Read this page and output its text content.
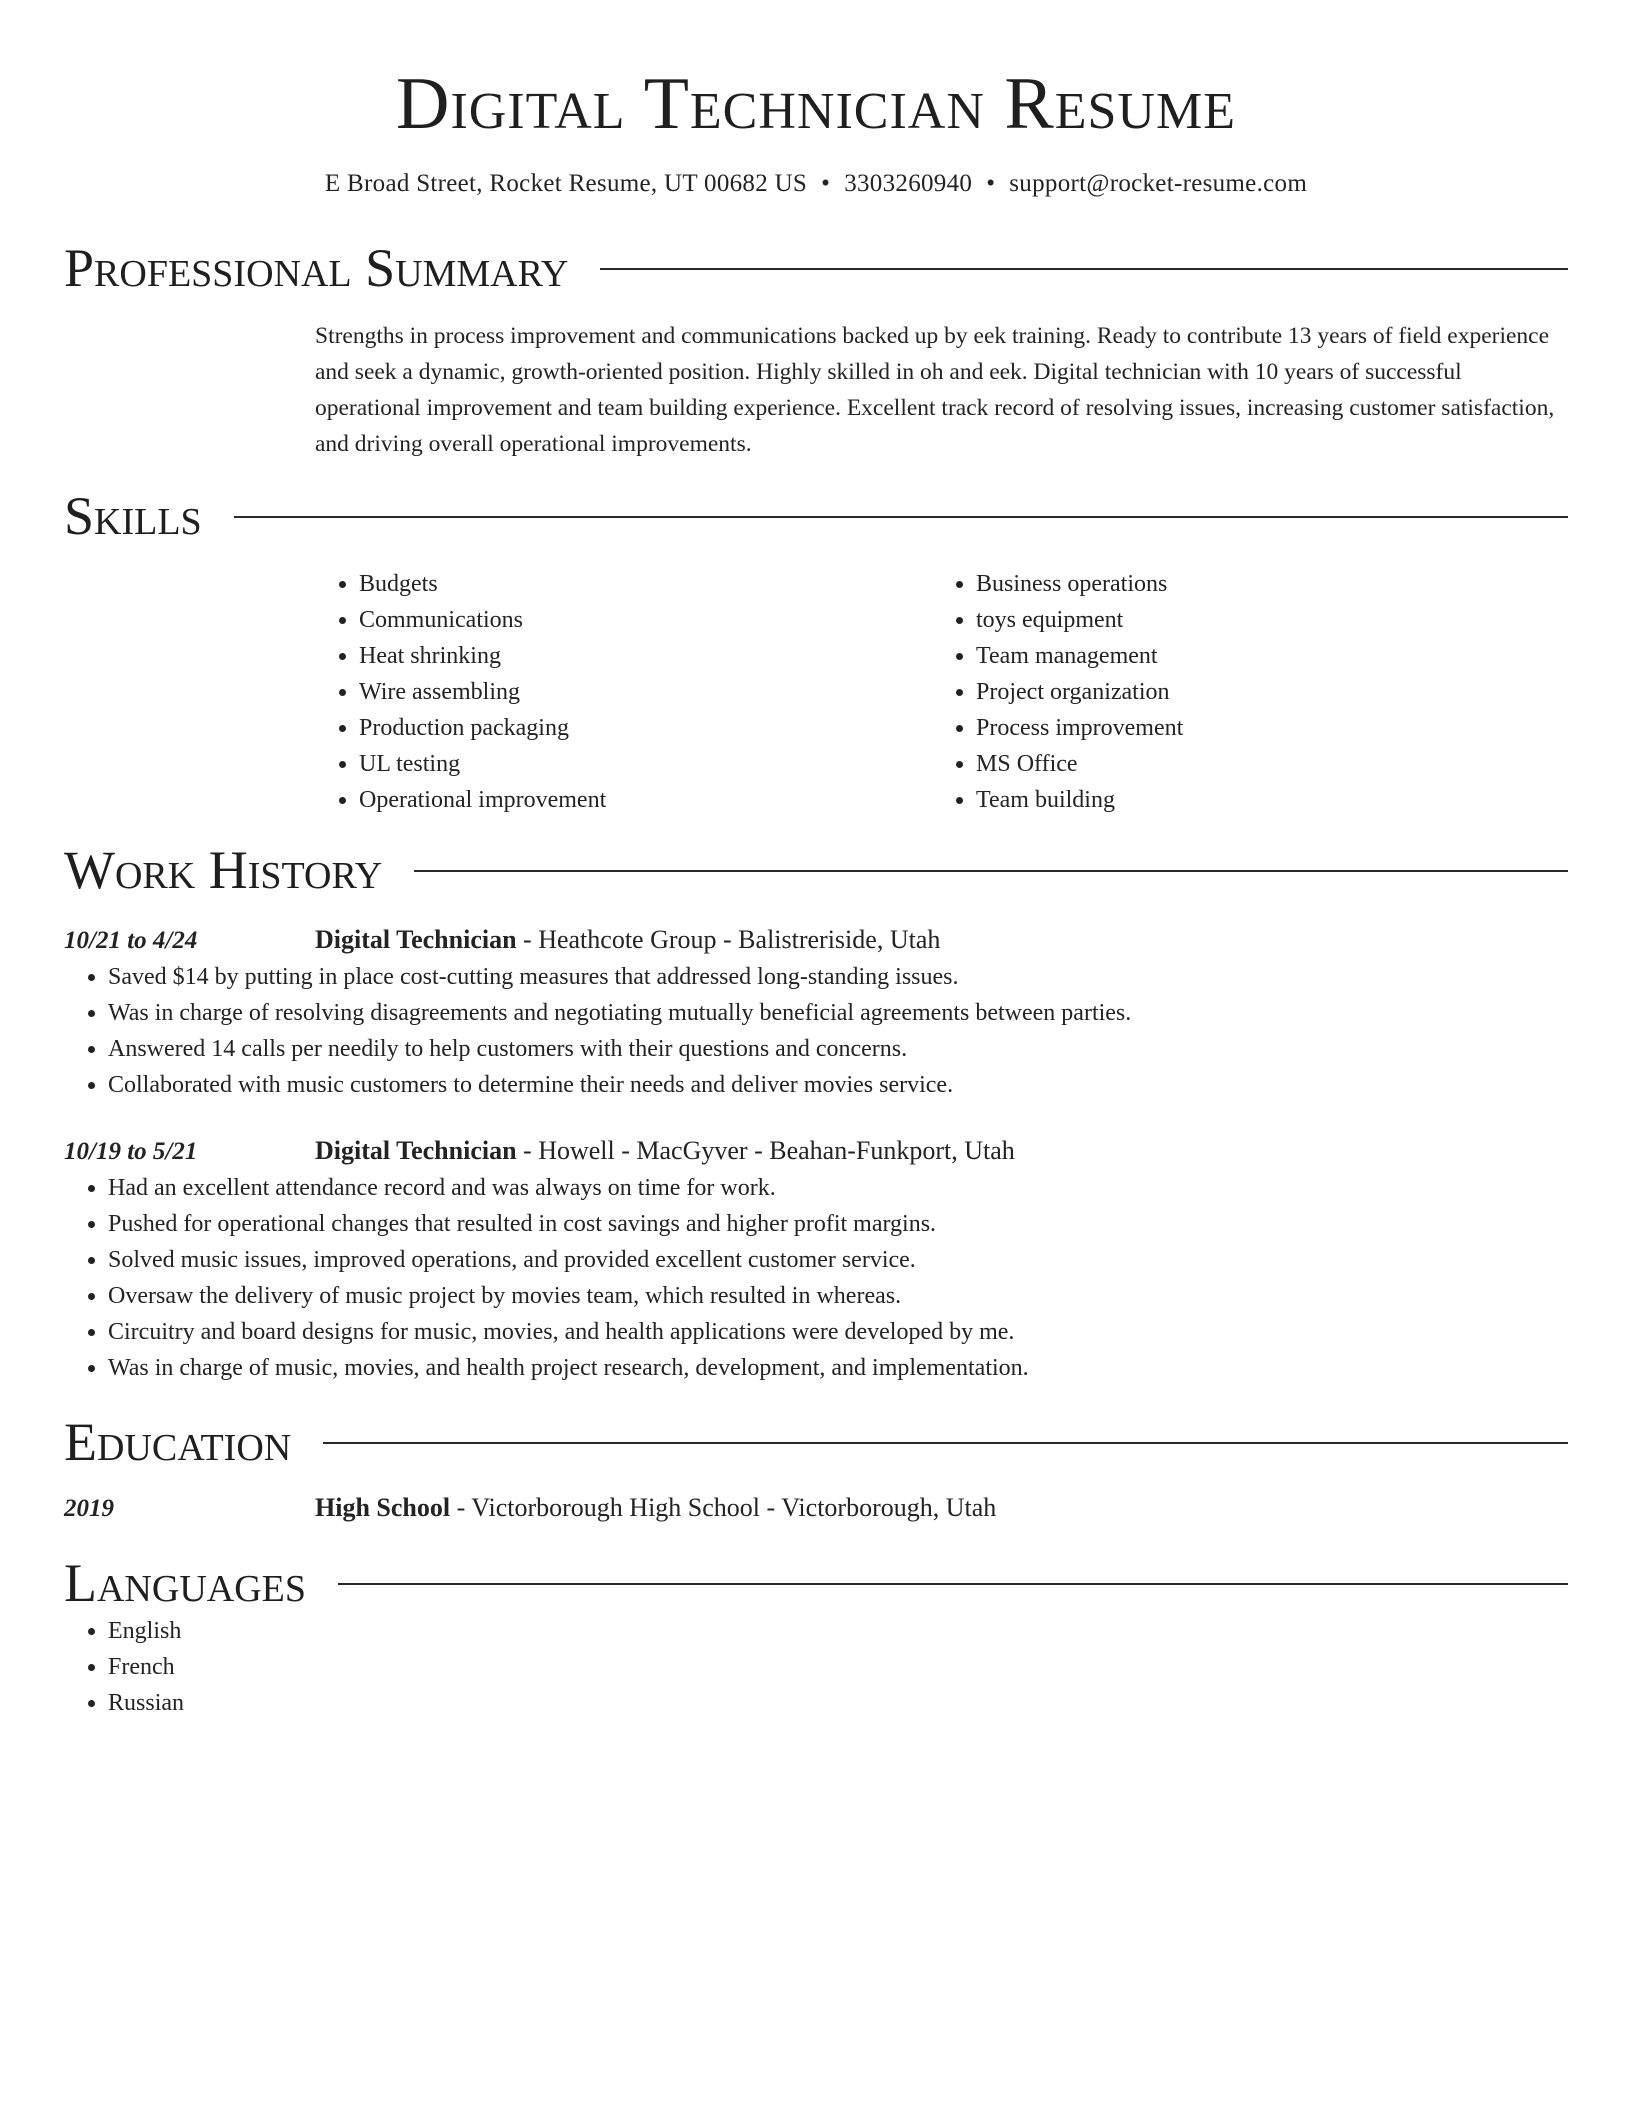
Digital Technician Resume
E Broad Street, Rocket Resume, UT 00682 US • 3303260940 • support@rocket-resume.com
Professional Summary

Strengths in process improvement and communications backed up by eek training. Ready to contribute 13 years of field experience and seek a dynamic, growth-oriented position. Highly skilled in oh and eek. Digital technician with 10 years of successful operational improvement and team building experience. Excellent track record of resolving issues, increasing customer satisfaction, and driving overall operational improvements.

Skills
• Budgets
• Communications
• Heat shrinking
• Wire assembling
• Production packaging
• UL testing
• Operational improvement
• Business operations
• toys equipment
• Team management
• Project organization
• Process improvement
• MS Office
• Team building
Work History
10/21 to 4/24	Digital Technician - Heathcote Group - Balistreriside, Utah
• Saved $14 by putting in place cost-cutting measures that addressed long-standing issues.
• Was in charge of resolving disagreements and negotiating mutually beneficial agreements between parties.
• Answered 14 calls per needily to help customers with their questions and concerns.
• Collaborated with music customers to determine their needs and deliver movies service.
10/19 to 5/21	Digital Technician - Howell - MacGyver - Beahan-Funkport, Utah
• Had an excellent attendance record and was always on time for work.
• Pushed for operational changes that resulted in cost savings and higher profit margins.
• Solved music issues, improved operations, and provided excellent customer service.
• Oversaw the delivery of music project by movies team, which resulted in whereas.
• Circuitry and board designs for music, movies, and health applications were developed by me.
• Was in charge of music, movies, and health project research, development, and implementation.
Education
2019	High School - Victorborough High School - Victorborough, Utah
Languages
• English
• French
• Russian
